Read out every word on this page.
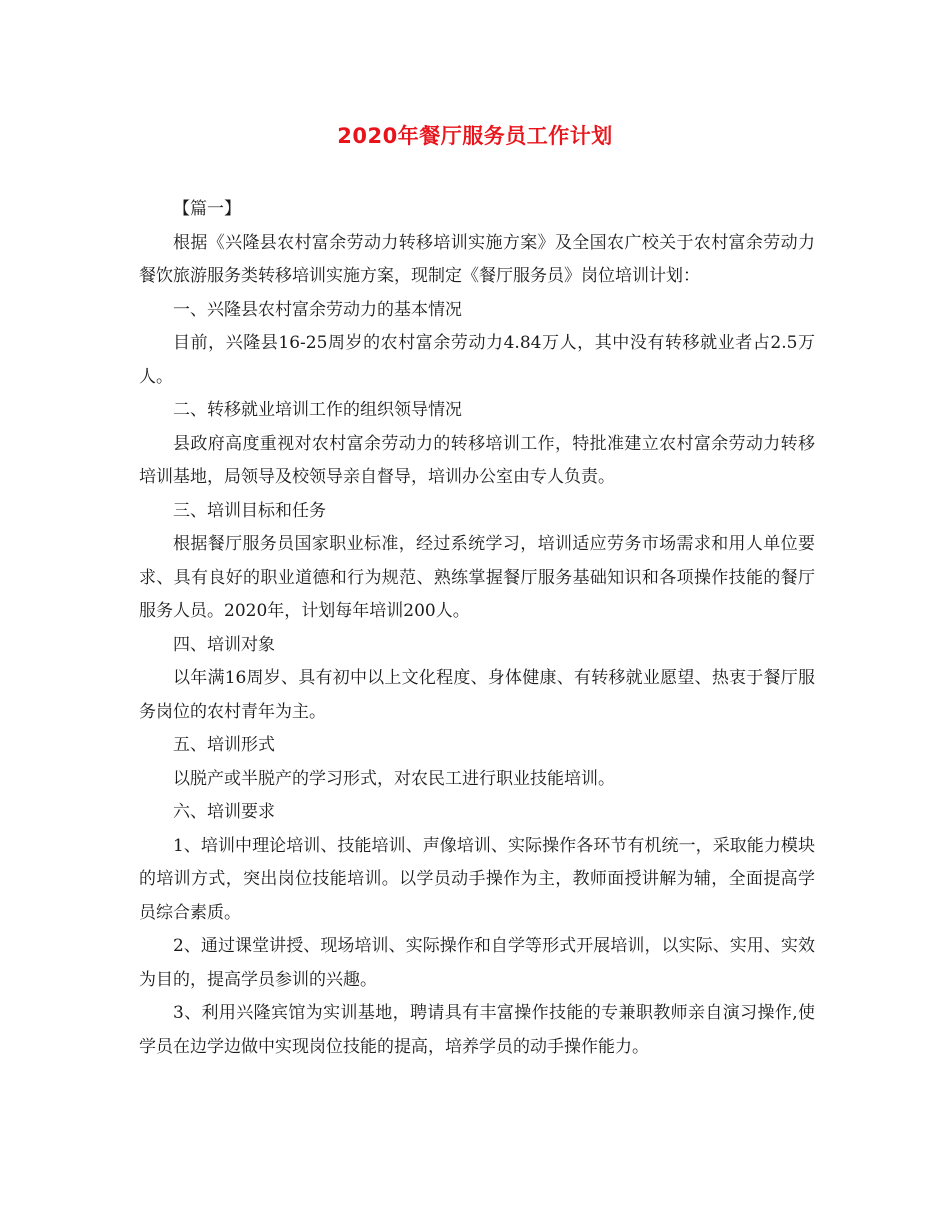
2020年餐厅服务员工作计划

【篇一】

根据《兴隆县农村富余劳动力转移培训实施方案》及全国农广校关于农村富余劳动力餐饮旅游服务类转移培训实施方案，现制定《餐厅服务员》岗位培训计划：

一、兴隆县农村富余劳动力的基本情况

目前，兴隆县16-25周岁的农村富余劳动力4.84万人，其中没有转移就业者占2.5万人。

二、转移就业培训工作的组织领导情况

县政府高度重视对农村富余劳动力的转移培训工作，特批准建立农村富余劳动力转移培训基地，局领导及校领导亲自督导，培训办公室由专人负责。

三、培训目标和任务

根据餐厅服务员国家职业标准，经过系统学习，培训适应劳务市场需求和用人单位要求、具有良好的职业道德和行为规范、熟练掌握餐厅服务基础知识和各项操作技能的餐厅服务人员。2020年，计划每年培训200人。

四、培训对象

以年满16周岁、具有初中以上文化程度、身体健康、有转移就业愿望、热衷于餐厅服务岗位的农村青年为主。

五、培训形式

以脱产或半脱产的学习形式，对农民工进行职业技能培训。

六、培训要求

1、培训中理论培训、技能培训、声像培训、实际操作各环节有机统一，采取能力模块的培训方式，突出岗位技能培训。以学员动手操作为主，教师面授讲解为辅，全面提高学员综合素质。

2、通过课堂讲授、现场培训、实际操作和自学等形式开展培训，以实际、实用、实效为目的，提高学员参训的兴趣。

3、利用兴隆宾馆为实训基地，聘请具有丰富操作技能的专兼职教师亲自演习操作,使学员在边学边做中实现岗位技能的提高，培养学员的动手操作能力。
